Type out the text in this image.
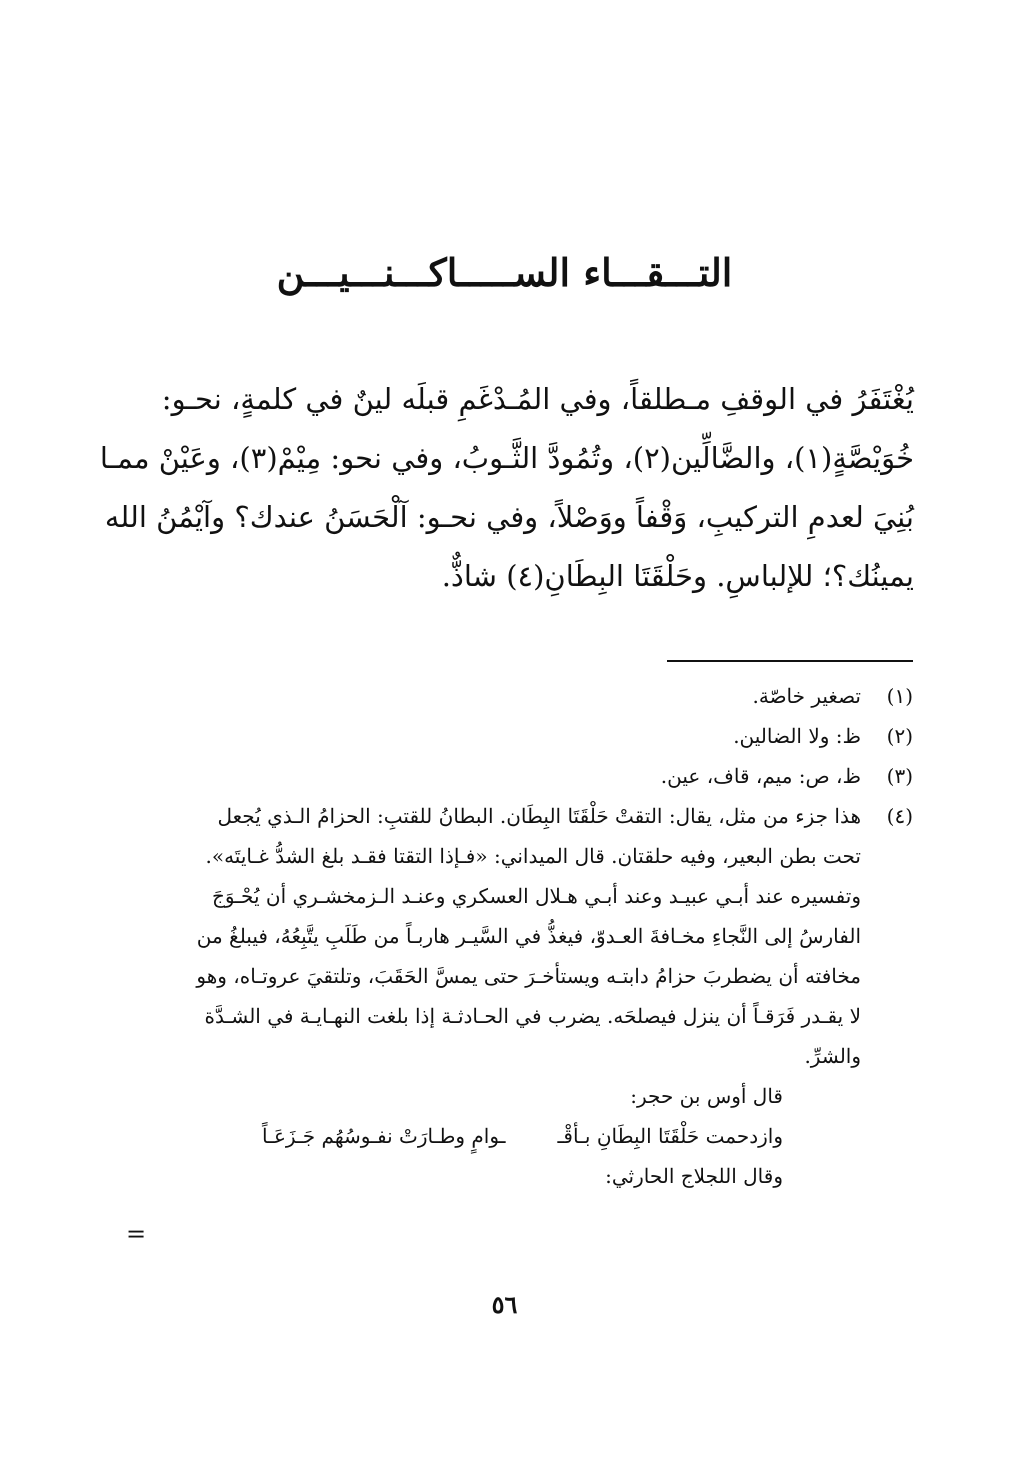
التـــقـــاء الســـــاكـــنـــيـــن

يُغْتَفَرُ في الوقفِ مـطلقاً، وفي المُـدْغَمِ قبلَه لينٌ في كلمةٍ، نحـو:

خُوَيْصَّةٍ(١)، والضَّالِّين(٢)، وتُمُودَّ الثَّـوبُ، وفي نحو: مِيْمْ(٣)، وعَيْنْ ممـا

بُنِيَ لعدمِ التركيبِ، وَقْفاً ووَصْلاً، وفي نحـو: آلْحَسَنُ عندك؟ وآيْمُنُ الله

يمينُك؟؛ للإلباسِ. وحَلْقَتَا البِطَانِ(٤) شاذٌّ.

(١)
تصغير خاصّة.
(٢)
ظ: ولا الضالين.
(٣)
ظ، ص: ميم، قاف، عين.
(٤)
هذا جزء من مثل، يقال: التقتْ حَلْقَتَا البِطَان. البطانُ للقتبِ: الحزامُ الـذي يُجعل
تحت بطن البعير، وفيه حلقتان. قال الميداني: «فـإذا التقتا فقـد بلغ الشدُّ غـايتَه».
وتفسيره عند أبـي عبيـد وعند أبـي هـلال العسكري وعنـد الـزمخشـري أن يُحْـوَجَ
الفارسُ إلى النَّجاءِ مخـافةَ العـدوّ، فيغذُّ في السَّيـر هاربـاً من طَلَبِ يتَّبِعُهُ، فيبلغُ من
مخافته أن يضطربَ حزامُ دابتـه ويستأخـرَ حتى يمسَّ الحَقَبَ، وتلتقيَ عروتـاه، وهو
لا يقـدر فَرَقـاً أن ينزل فيصلحَه. يضرب في الحـادثـة إذا بلغت النهـايـة في الشـدَّة
والشرِّ.
قال أوس بن حجر:
وازدحمت حَلْقَتَا البِطَانِ بـأقْـ
ـوامٍ وطـارَتْ نفـوسُهُم جَـزَعَـاً
وقال اللجلاج الحارثي:
=
٥٦
